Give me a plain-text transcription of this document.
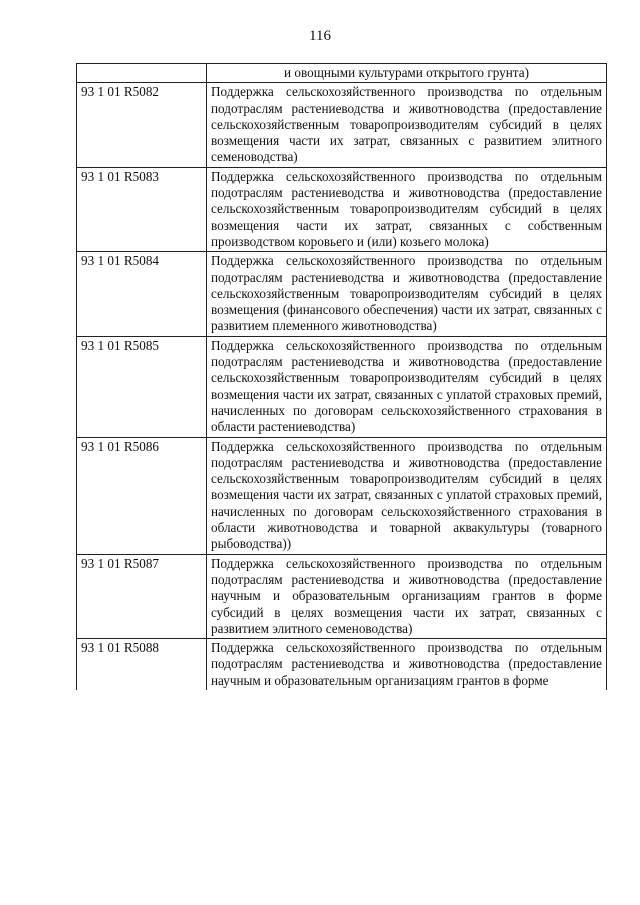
116
	и овощными культурами открытого грунта)
93 1 01 R5082	Поддержка сельскохозяйственного производства по отдельным подотраслям растениеводства и животноводства (предоставление сельскохозяйственным товаропроизводителям субсидий в целях возмещения части их затрат, связанных с развитием элитного семеноводства)
93 1 01 R5083	Поддержка сельскохозяйственного производства по отдельным подотраслям растениеводства и животноводства (предоставление сельскохозяйственным товаропроизводителям субсидий в целях возмещения части их затрат, связанных с собственным производством коровьего и (или) козьего молока)
93 1 01 R5084	Поддержка сельскохозяйственного производства по отдельным подотраслям растениеводства и животноводства (предоставление сельскохозяйственным товаропроизводителям субсидий в целях возмещения (финансового обеспечения) части их затрат, связанных с развитием племенного животноводства)
93 1 01 R5085	Поддержка сельскохозяйственного производства по отдельным подотраслям растениеводства и животноводства (предоставление сельскохозяйственным товаропроизводителям субсидий в целях возмещения части их затрат, связанных с уплатой страховых премий, начисленных по договорам сельскохозяйственного страхования в области растениеводства)
93 1 01 R5086	Поддержка сельскохозяйственного производства по отдельным подотраслям растениеводства и животноводства (предоставление сельскохозяйственным товаропроизводителям субсидий в целях возмещения части их затрат, связанных с уплатой страховых премий, начисленных по договорам сельскохозяйственного страхования в области животноводства и товарной аквакультуры (товарного рыбоводства))
93 1 01 R5087	Поддержка сельскохозяйственного производства по отдельным подотраслям растениеводства и животноводства (предоставление научным и образовательным организациям грантов в форме субсидий в целях возмещения части их затрат, связанных с развитием элитного семеноводства)
93 1 01 R5088	Поддержка сельскохозяйственного производства по отдельным подотраслям растениеводства и животноводства (предоставление научным и образовательным организациям грантов в форме
